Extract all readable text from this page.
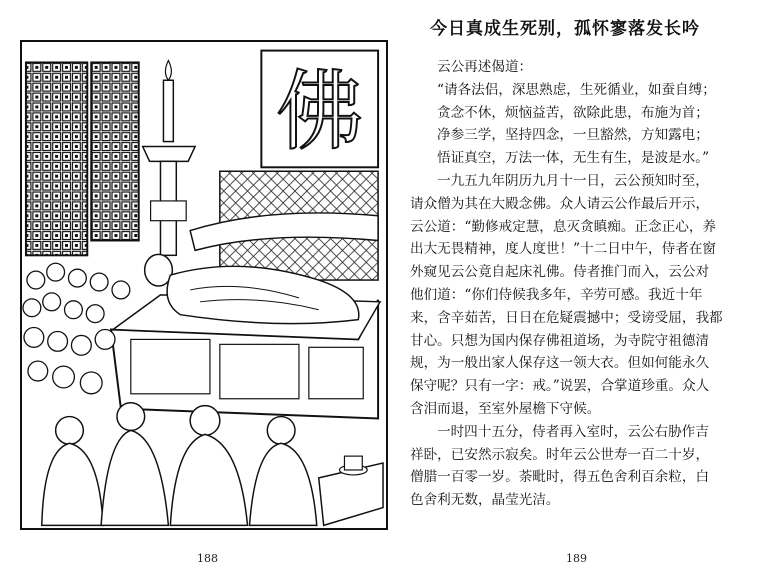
佛
188
今日真成生死别，孤怀寥落发长吟

云公再述偈道：

“请各法侣，深思熟虑，生死循业，如蚕自缚；

贪念不休，烦恼益苦，欲除此患，布施为首；

净参三学，坚持四念，一旦豁然，方知露电；

悟证真空，万法一体，无生有生，是波是水。”

一九五九年阴历九月十一日，云公预知时至，

请众僧为其在大殿念佛。众人请云公作最后开示，

云公道：“勤修戒定慧，息灭贪瞋痴。正念正心，养

出大无畏精神，度人度世！”十二日中午，侍者在窗

外窥见云公竟自起床礼佛。侍者推门而入，云公对

他们道：“你们侍候我多年，辛劳可感。我近十年

来，含辛茹苦，日日在危疑震撼中；受谤受屈，我都

甘心。只想为国内保存佛祖道场，为寺院守祖德清

规，为一般出家人保存这一领大衣。但如何能永久

保守呢？只有一字：戒。”说罢，合掌道珍重。众人

含泪而退，至室外屋檐下守候。

一时四十五分，侍者再入室时，云公右胁作吉

祥卧，已安然示寂矣。时年云公世寿一百二十岁，

僧腊一百零一岁。荼毗时，得五色舍利百余粒，白

色舍利无数，晶莹光洁。

189
